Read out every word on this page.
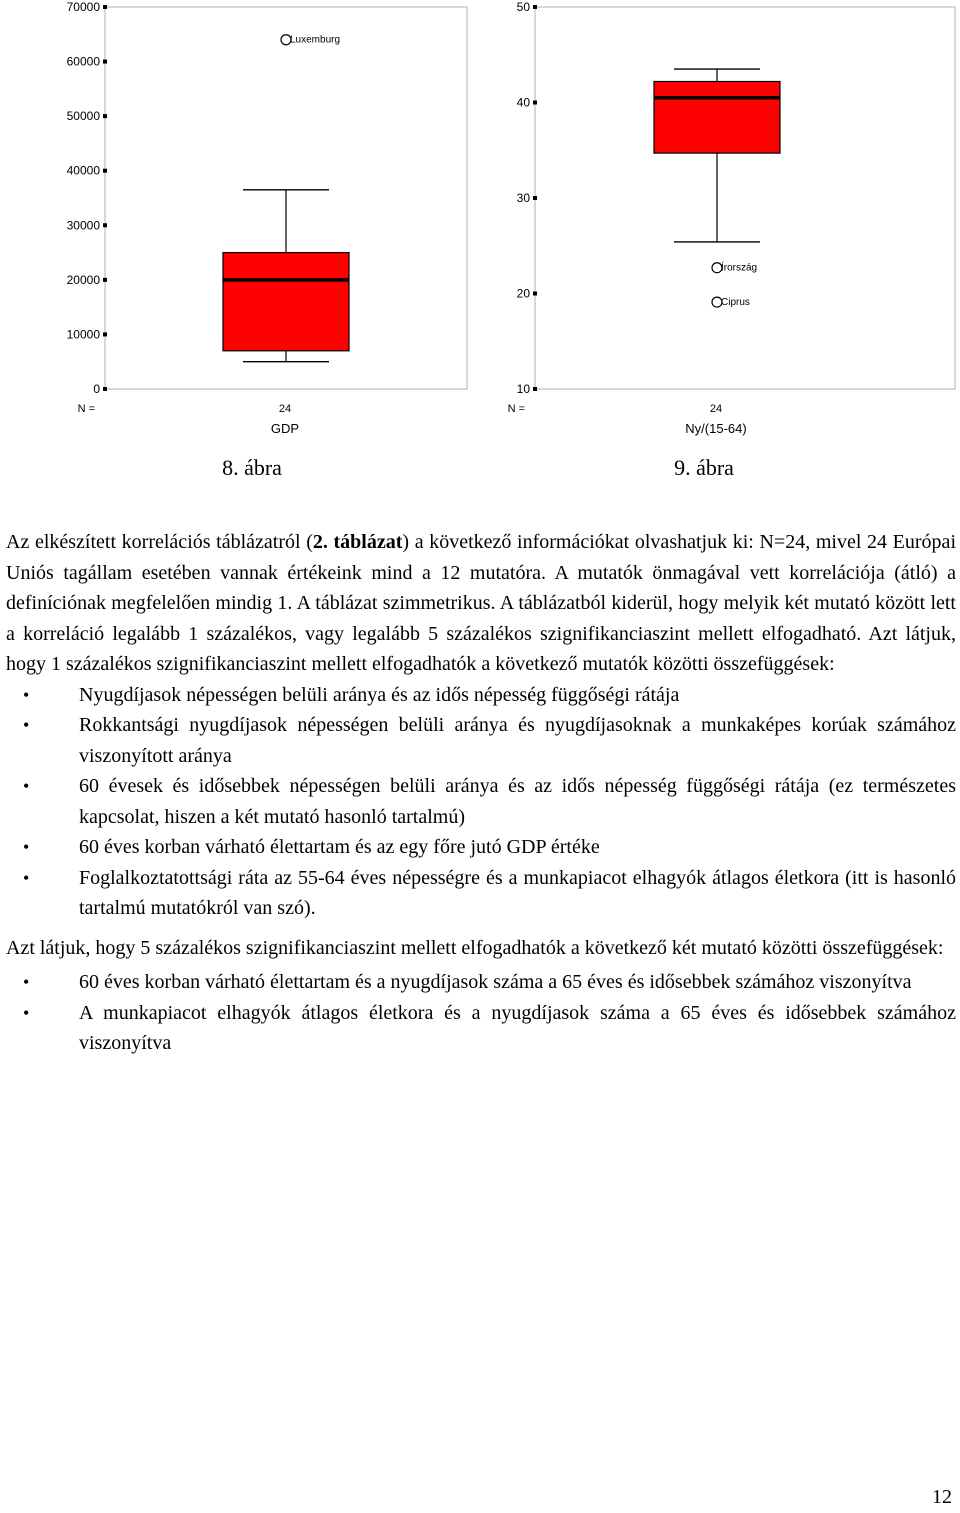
70000
60000
50000
40000
30000
20000
10000
0
Luxemburg
N =	24
GDP
50
40
30
20
10
Írország
Ciprus
N =	24
Ny/(15-64)
8. ábra	9. ábra

Az elkészített korrelációs táblázatról (2. táblázat) a következő információkat olvashatjuk ki: N=24, mivel 24 Európai Uniós tagállam esetében vannak értékeink mind a 12 mutatóra. A mutatók önmagával vett korrelációja (átló) a definíciónak megfelelően mindig 1. A táblázat szimmetrikus. A táblázatból kiderül, hogy melyik két mutató között lett a korreláció legalább 1 százalékos, vagy legalább 5 százalékos szignifikanciaszint mellett elfogadható. Azt látjuk, hogy 1 százalékos szignifikanciaszint mellett elfogadhatók a következő mutatók közötti összefüggések:

• Nyugdíjasok népességen belüli aránya és az idős népesség függőségi rátája
• Rokkantsági nyugdíjasok népességen belüli aránya és nyugdíjasoknak a munkaképes korúak számához viszonyított aránya
• 60 évesek és idősebbek népességen belüli aránya és az idős népesség függőségi rátája (ez természetes kapcsolat, hiszen a két mutató hasonló tartalmú)
• 60 éves korban várható élettartam és az egy főre jutó GDP értéke
• Foglalkoztatottsági ráta az 55-64 éves népességre és a munkapiacot elhagyók átlagos életkora (itt is hasonló tartalmú mutatókról van szó).

Azt látjuk, hogy 5 százalékos szignifikanciaszint mellett elfogadhatók a következő két mutató közötti összefüggések:

• 60 éves korban várható élettartam és a nyugdíjasok száma a 65 éves és idősebbek számához viszonyítva
• A munkapiacot elhagyók átlagos életkora és a nyugdíjasok száma a 65 éves és idősebbek számához viszonyítva
12
